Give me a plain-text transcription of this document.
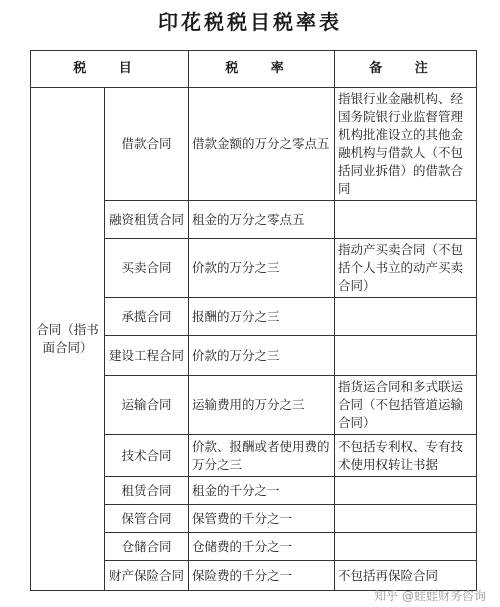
印花税税目税率表
税 目		税 率	备 注
合同（指书面合同）	借款合同	借款金额的万分之零点五	指银行业金融机构、经国务院银行业监督管理机构批准设立的其他金融机构与借款人（不包括同业拆借）的借款合同
	融资租赁合同	租金的万分之零点五	
	买卖合同	价款的万分之三	指动产买卖合同（不包括个人书立的动产买卖合同）
	承揽合同	报酬的万分之三	
	建设工程合同	价款的万分之三	
	运输合同	运输费用的万分之三	指货运合同和多式联运合同（不包括管道运输合同）
	技术合同	价款、报酬或者使用费的万分之三	不包括专利权、专有技术使用权转让书据
	租赁合同	租金的千分之一	
	保管合同	保管费的千分之一	
	仓储合同	仓储费的千分之一	
	财产保险合同	保险费的千分之一	不包括再保险合同
知乎 @蛙蛙财务咨询
